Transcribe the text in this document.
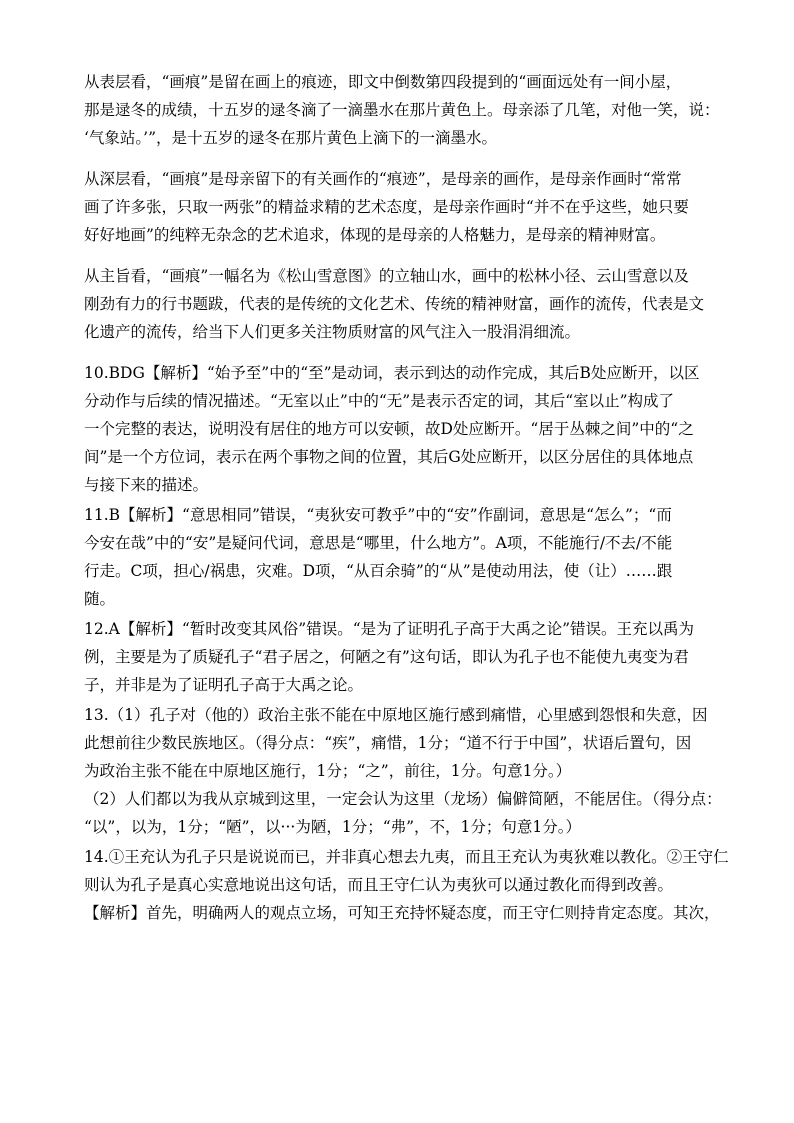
从表层看，“画痕”是留在画上的痕迹，即文中倒数第四段提到的“画面远处有一间小屋，
那是逯冬的成绩，十五岁的逯冬滴了一滴墨水在那片黄色上。母亲添了几笔，对他一笑，说：
‘气象站。’”，是十五岁的逯冬在那片黄色上滴下的一滴墨水。
从深层看，“画痕”是母亲留下的有关画作的“痕迹”，是母亲的画作，是母亲作画时“常常
画了许多张，只取一两张”的精益求精的艺术态度，是母亲作画时“并不在乎这些，她只要
好好地画”的纯粹无杂念的艺术追求，体现的是母亲的人格魅力，是母亲的精神财富。
从主旨看，“画痕”一幅名为《松山雪意图》的立轴山水，画中的松林小径、云山雪意以及
刚劲有力的行书题跋，代表的是传统的文化艺术、传统的精神财富，画作的流传，代表是文
化遗产的流传，给当下人们更多关注物质财富的风气注入一股涓涓细流。
10.BDG【解析】“始予至”中的“至”是动词，表示到达的动作完成，其后B处应断开，以区
分动作与后续的情况描述。“无室以止”中的“无”是表示否定的词，其后“室以止”构成了
一个完整的表达，说明没有居住的地方可以安顿，故D处应断开。“居于丛棘之间”中的“之
间”是一个方位词，表示在两个事物之间的位置，其后G处应断开，以区分居住的具体地点
与接下来的描述。
11.B【解析】“意思相同”错误，“夷狄安可教乎”中的“安”作副词，意思是“怎么”；“而
今安在哉”中的“安”是疑问代词，意思是“哪里，什么地方”。A项，不能施行/不去/不能
行走。C项，担心/祸患，灾难。D项，“从百余骑”的“从”是使动用法，使（让）……跟
随。
12.A【解析】“暂时改变其风俗”错误。“是为了证明孔子高于大禹之论”错误。王充以禹为
例，主要是为了质疑孔子“君子居之，何陋之有”这句话，即认为孔子也不能使九夷变为君
子，并非是为了证明孔子高于大禹之论。
13.（1）孔子对（他的）政治主张不能在中原地区施行感到痛惜，心里感到怨恨和失意，因
此想前往少数民族地区。（得分点：“疾”，痛惜，1分；“道不行于中国”，状语后置句，因
为政治主张不能在中原地区施行，1分；“之”，前往，1分。句意1分。）
（2）人们都以为我从京城到这里，一定会认为这里（龙场）偏僻简陋，不能居住。（得分点：
“以”，以为，1分；“陋”，以···为陋，1分；“弗”，不，1分；句意1分。）
14.①王充认为孔子只是说说而已，并非真心想去九夷，而且王充认为夷狄难以教化。②王守仁
则认为孔子是真心实意地说出这句话，而且王守仁认为夷狄可以通过教化而得到改善。
【解析】首先，明确两人的观点立场，可知王充持怀疑态度，而王守仁则持肯定态度。其次，
